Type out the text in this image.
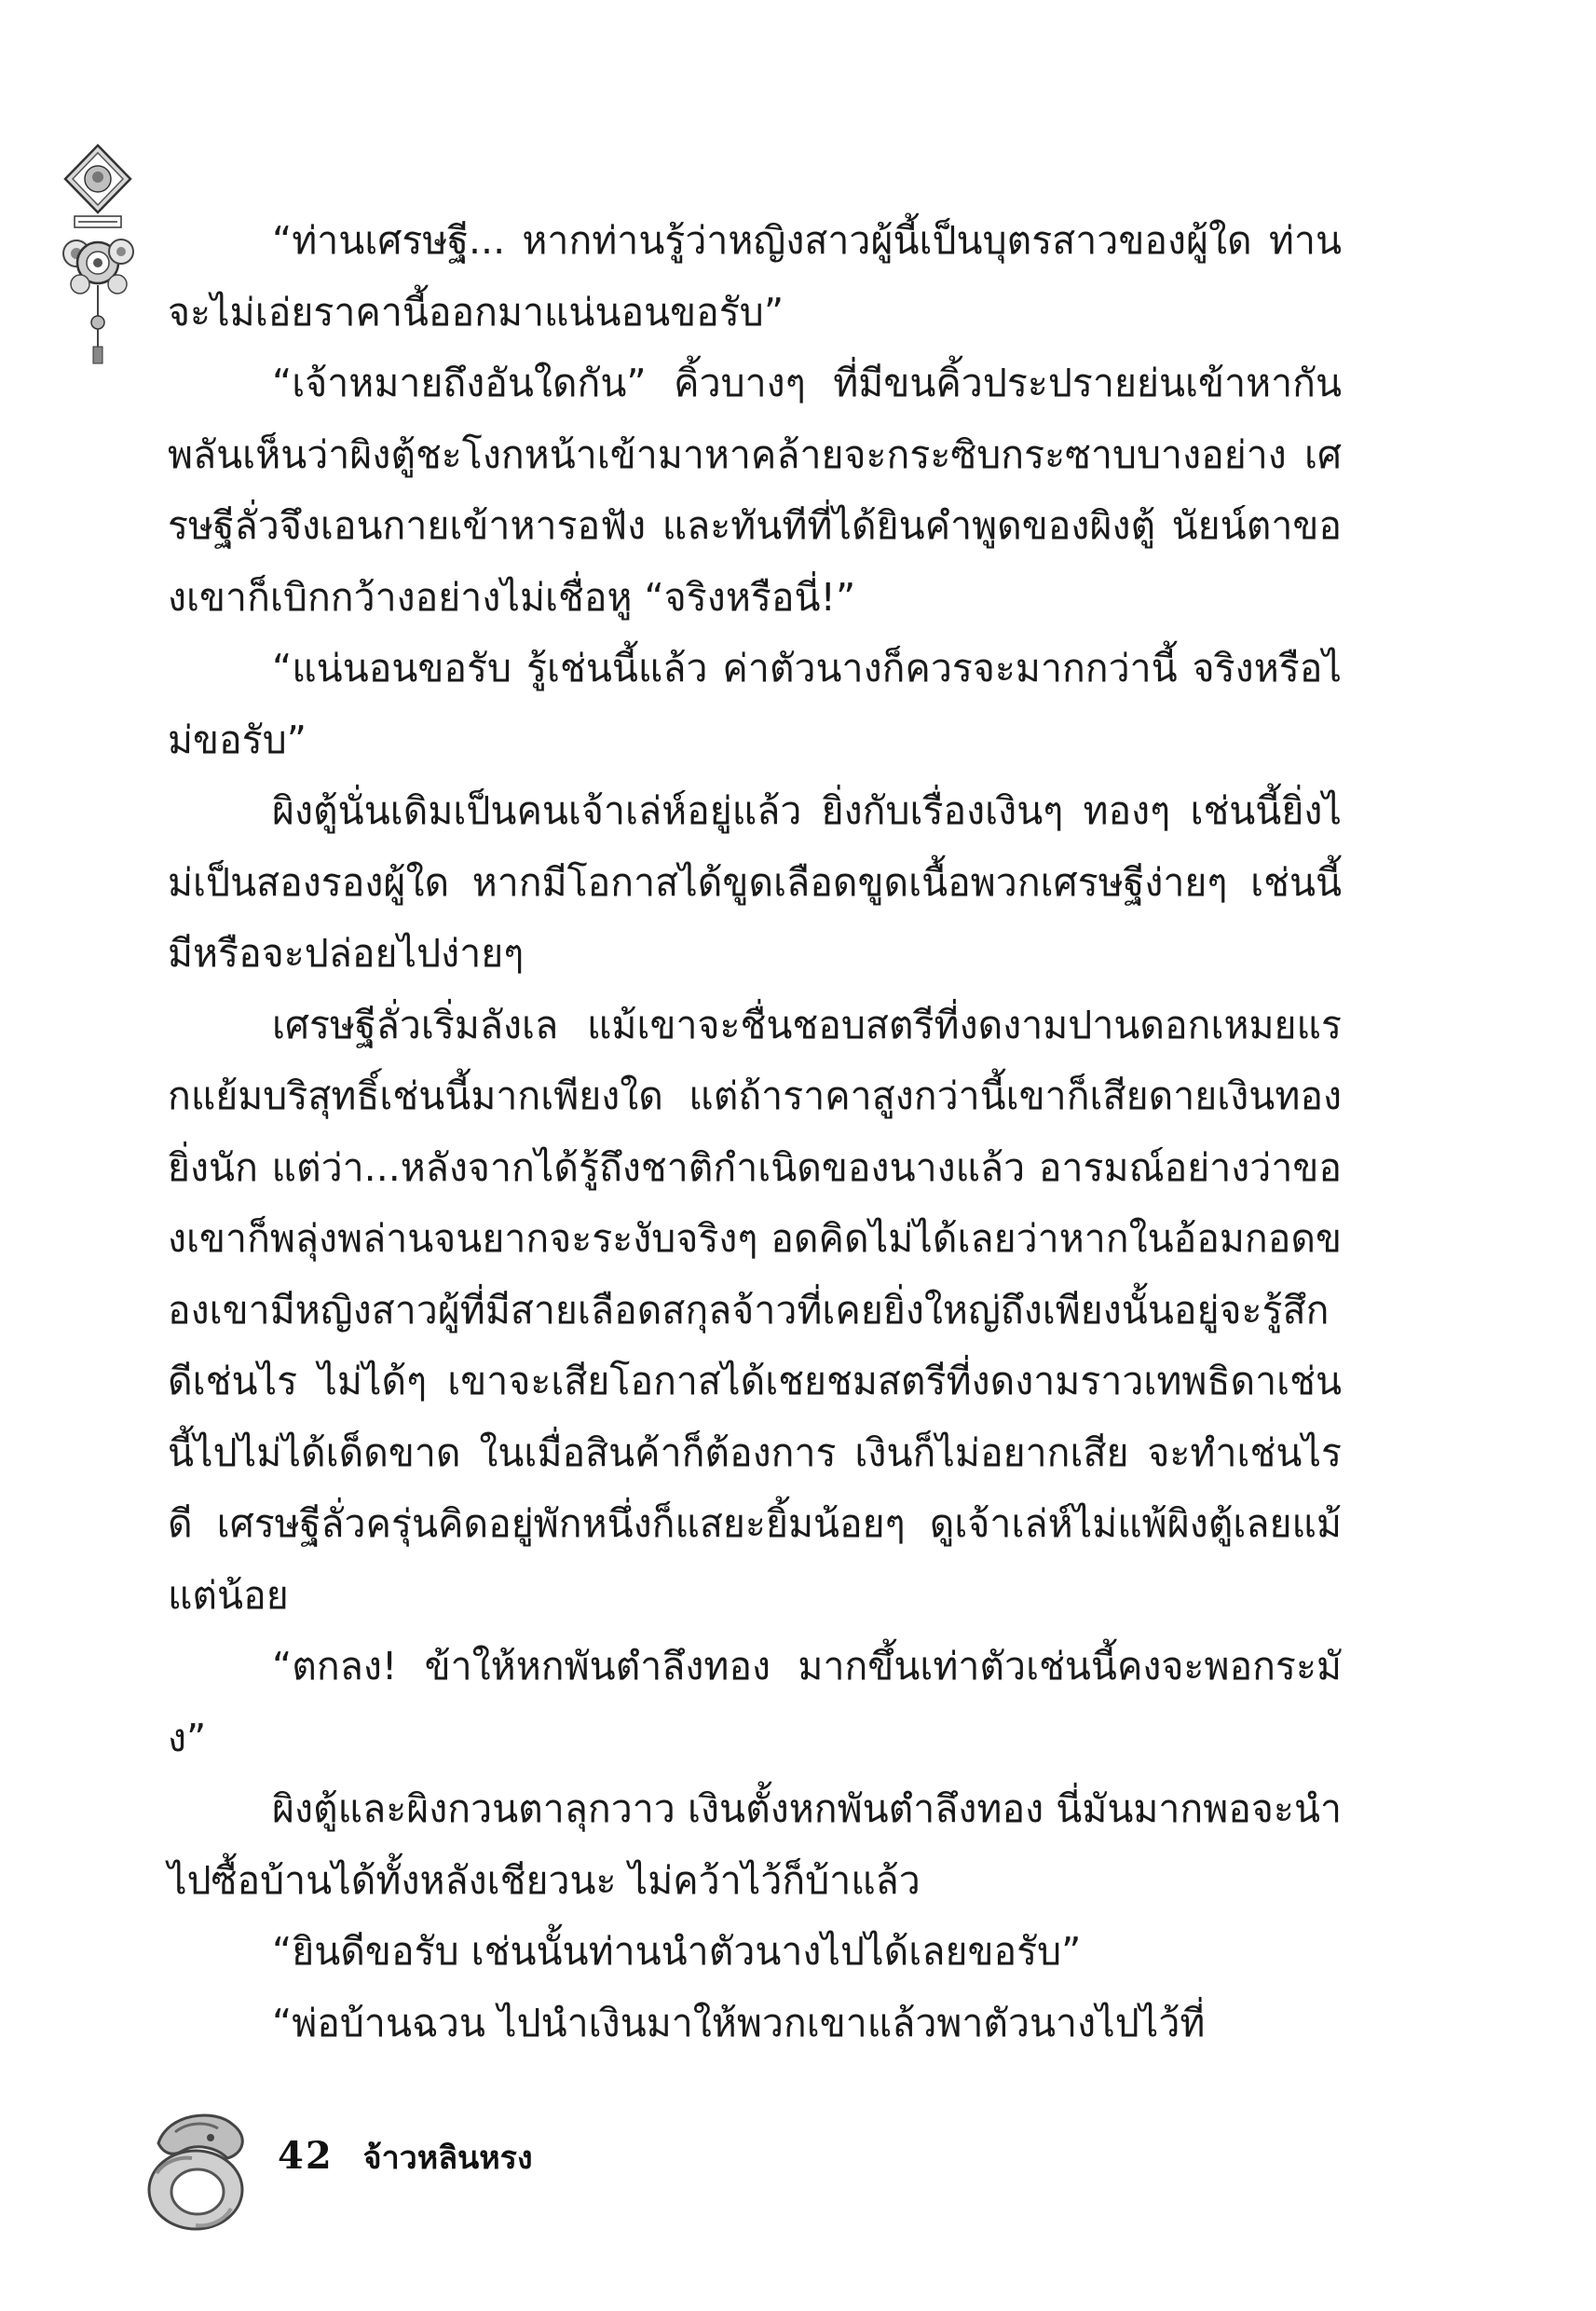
“ท่านเศรษฐี... หากท่านรู้ว่าหญิงสาวผู้นี้เป็นบุตรสาวของผู้ใด ท่านจะไม่เอ่ยราคานี้ออกมาแน่นอนขอรับ”

“เจ้าหมายถึงอันใดกัน” คิ้วบางๆ ที่มีขนคิ้วประปรายย่นเข้าหากัน พลันเห็นว่าผิงตู้ชะโงกหน้าเข้ามาหาคล้ายจะกระซิบกระซาบบางอย่าง เศรษฐีลั่วจึงเอนกายเข้าหารอฟัง และทันทีที่ได้ยินคำพูดของผิงตู้ นัยน์ตาของเขาก็เบิกกว้างอย่างไม่เชื่อหู “จริงหรือนี่!”

“แน่นอนขอรับ รู้เช่นนี้แล้ว ค่าตัวนางก็ควรจะมากกว่านี้ จริงหรือไม่ขอรับ”

ผิงตู้นั่นเดิมเป็นคนเจ้าเล่ห์อยู่แล้ว ยิ่งกับเรื่องเงินๆ ทองๆ เช่นนี้ยิ่งไม่เป็นสองรองผู้ใด หากมีโอกาสได้ขูดเลือดขูดเนื้อพวกเศรษฐีง่ายๆ เช่นนี้ มีหรือจะปล่อยไปง่ายๆ

เศรษฐีลั่วเริ่มลังเล แม้เขาจะชื่นชอบสตรีที่งดงามปานดอกเหมยแรกแย้มบริสุทธิ์เช่นนี้มากเพียงใด แต่ถ้าราคาสูงกว่านี้เขาก็เสียดายเงินทองยิ่งนัก แต่ว่า...หลังจากได้รู้ถึงชาติกำเนิดของนางแล้ว อารมณ์อย่างว่าของเขาก็พลุ่งพล่านจนยากจะระงับจริงๆ อดคิดไม่ได้เลยว่าหากในอ้อมกอดของเขามีหญิงสาวผู้ที่มีสายเลือดสกุลจ้าวที่เคยยิ่งใหญ่ถึงเพียงนั้นอยู่จะรู้สึกดีเช่นไร ไม่ได้ๆ เขาจะเสียโอกาสได้เชยชมสตรีที่งดงามราวเทพธิดาเช่นนี้ไปไม่ได้เด็ดขาด ในเมื่อสินค้าก็ต้องการ เงินก็ไม่อยากเสีย จะทำเช่นไรดี เศรษฐีลั่วครุ่นคิดอยู่พักหนึ่งก็แสยะยิ้มน้อยๆ ดูเจ้าเล่ห์ไม่แพ้ผิงตู้เลยแม้แต่น้อย

“ตกลง! ข้าให้หกพันตำลึงทอง มากขึ้นเท่าตัวเช่นนี้คงจะพอกระมัง”

ผิงตู้และผิงกวนตาลุกวาว เงินตั้งหกพันตำลึงทอง นี่มันมากพอจะนำไปซื้อบ้านได้ทั้งหลังเชียวนะ ไม่คว้าไว้ก็บ้าแล้ว

“ยินดีขอรับ เช่นนั้นท่านนำตัวนางไปได้เลยขอรับ”

“พ่อบ้านฉวน ไปนำเงินมาให้พวกเขาแล้วพาตัวนางไปไว้ที่

42 จ้าวหลินหรง
